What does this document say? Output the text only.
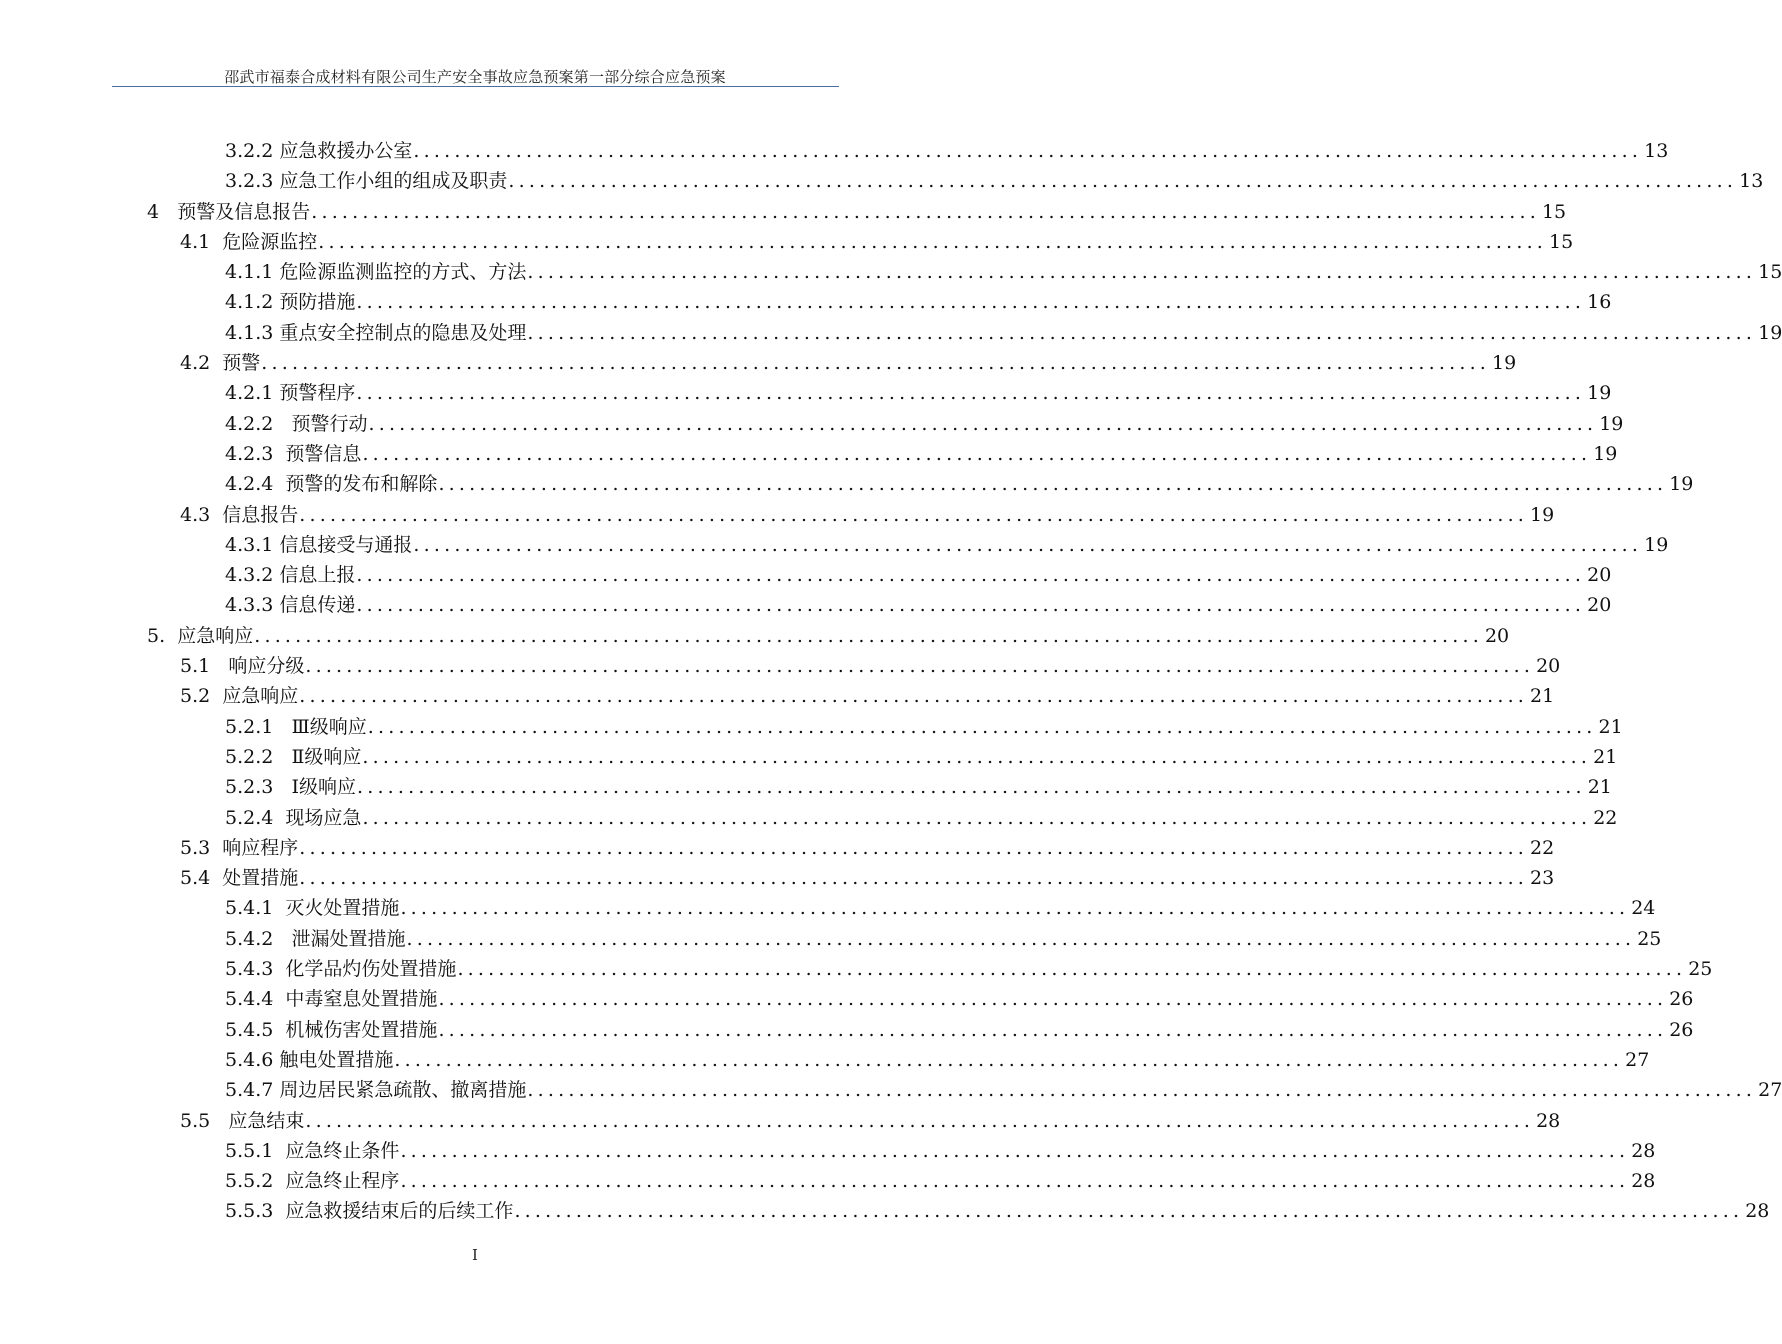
邵武市福泰合成材料有限公司生产安全事故应急预案第一部分综合应急预案
3.2.2 应急救援办公室 ........................................................................................................................ 13
3.2.3 应急工作小组的组成及职责 ........................................................................................................................ 13
4   预警及信息报告 ........................................................................................................................ 15
4.1  危险源监控 ........................................................................................................................ 15
4.1.1 危险源监测监控的方式、方法 ........................................................................................................................ 15
4.1.2 预防措施 ........................................................................................................................ 16
4.1.3 重点安全控制点的隐患及处理 ........................................................................................................................ 19
4.2  预警 ........................................................................................................................ 19
4.2.1 预警程序 ........................................................................................................................ 19
4.2.2   预警行动 ........................................................................................................................ 19
4.2.3  预警信息 ........................................................................................................................ 19
4.2.4  预警的发布和解除 ........................................................................................................................ 19
4.3  信息报告 ........................................................................................................................ 19
4.3.1 信息接受与通报 ........................................................................................................................ 19
4.3.2 信息上报 ........................................................................................................................ 20
4.3.3 信息传递 ........................................................................................................................ 20
5.  应急响应 ........................................................................................................................ 20
5.1   响应分级 ........................................................................................................................ 20
5.2  应急响应 ........................................................................................................................ 21
5.2.1   Ⅲ级响应 ........................................................................................................................ 21
5.2.2   Ⅱ级响应 ........................................................................................................................ 21
5.2.3   Ⅰ级响应 ........................................................................................................................ 21
5.2.4  现场应急 ........................................................................................................................ 22
5.3  响应程序 ........................................................................................................................ 22
5.4  处置措施 ........................................................................................................................ 23
5.4.1  灭火处置措施 ........................................................................................................................ 24
5.4.2   泄漏处置措施 ........................................................................................................................ 25
5.4.3  化学品灼伤处置措施 ........................................................................................................................ 25
5.4.4  中毒窒息处置措施 ........................................................................................................................ 26
5.4.5  机械伤害处置措施 ........................................................................................................................ 26
5.4.6 触电处置措施 ........................................................................................................................ 27
5.4.7 周边居民紧急疏散、撤离措施 ........................................................................................................................ 27
5.5   应急结束 ........................................................................................................................ 28
5.5.1  应急终止条件 ........................................................................................................................ 28
5.5.2  应急终止程序 ........................................................................................................................ 28
5.5.3  应急救援结束后的后续工作 ........................................................................................................................ 28
I
